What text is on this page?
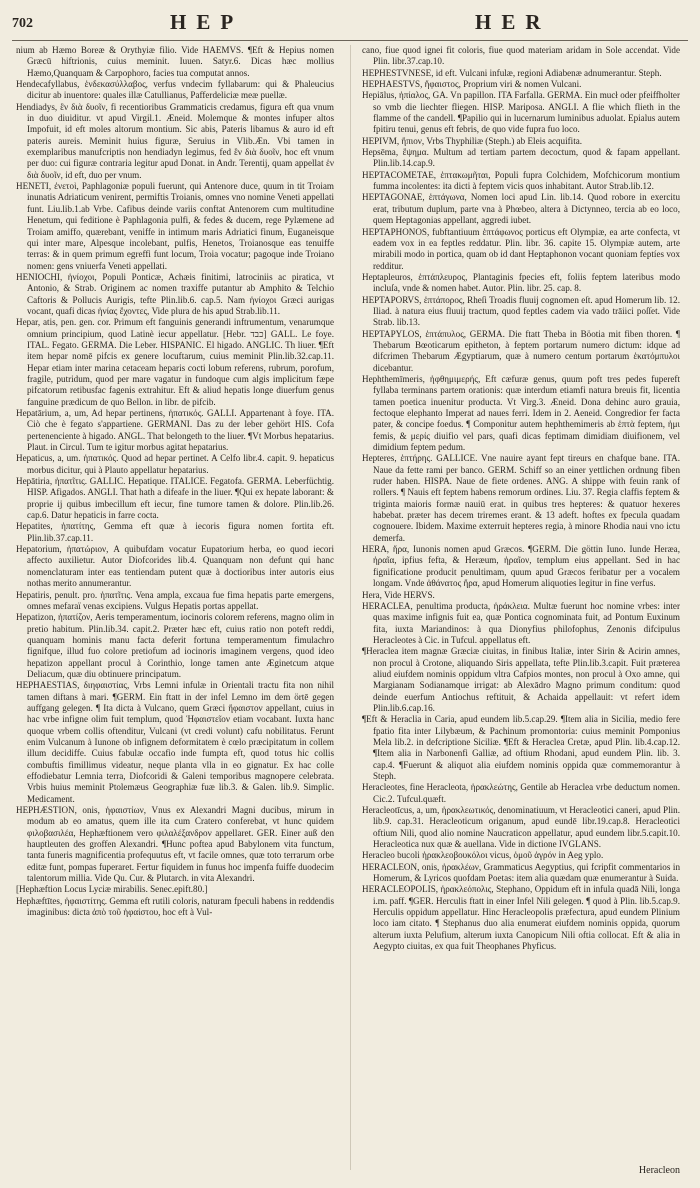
702	HEP	HER

nium ab Hæmo Boreæ & Orythyiæ filio. Vide HAEMVS. ¶Eft & Hepius nomen Græcū hiftrionis, cuius meminit. Iuuen. Satyr.6. Dicas hæc mollius Hæmo,Quanquam & Carpophoro, facies tua computat annos.

Hendecafyllabus, ἑνδεκασύλλαβος, verfus vndecim fyllabarum: qui & Phaleucius dicitur ab inuentore: quales illæ Catullianus, Pafferdeliciæ meæ puellæ.

Hendiadys, ἓν διὰ δυοῖν, fi recentioribus Grammaticis credamus, figura eft qua vnum in duo diuiditur. vt apud Virgil.1. Æneid. Molemque & montes infuper altos Impofuit, id eft moles altorum montium. Sic abis, Pateris libamus & auro id eft pateris aureis. Meminit huius figuræ, Seruius in Vlib.Æn. Vbi tamen in exemplaribus manufcriptis non hendiadyn legimus, fed ἓν διὰ δυοῖν, hoc eft vnum per duo: cui figuræ contraria legitur apud Donat. in Andr. Terentij, quam appellat ἑν διὰ δυοῖν, id eft, duo per vnum.

HENETI, ἐνετοὶ, Paphlagoniæ populi fuerunt, qui Antenore duce, quum in tit Troiam inunatis Adriaticum venirent, permiftis Troianis, omnes vno nomine Veneti appellati funt. Liu.lib.1.ab Vrbe. Cafibus deinde variis conftat Antenorem cum multitudine Henetum, qui feditione è Paphlagonia pulfi, & fedes & ducem, rege Pylæmene ad Troiam amiffo, quærebant, veniffe in intimum maris Adriatici finum, Euganeisque qui inter mare, Alpesque incolebant, pulfis, Henetos, Troianosque eas tenuiffe terras: & in quem primum egreffi funt locum, Troia vocatur; pagoque inde Troiano nomen: gens vniuerfa Veneti appellati.

HENIOCHI, ἡνίοχοι, Populi Ponticæ, Achæis finitimi, latrociniis ac piratica, vt Antonio, & Strab. Originem ac nomen traxiffe putantur ab Amphito & Telchio Caftoris & Pollucis Aurigis, tefte Plin.lib.6. cap.5. Nam ἡνίοχοι Græci aurigas vocant, quafi dicas ἡνίας ἔχοντες, Vide plura de his apud Strab.lib.11.

Hepar, atis, pen. gen. cor. Primum eft fanguinis generandi inftrumentum, venarumque omnium principium, quod Latinè iecur appellatur. [Hebr. כבד] GALL. Le foye. ITAL. Fegato. GERMA. Die Leber. HISPANIC. El higado. ANGLIC. Th liuer. ¶Eft item hepar nomē pifcis ex genere locuftarum, cuius meminit Plin.lib.32.cap.11. Hepar etiam inter marina cetaceam heparis cocti lobum referens, rubrum, porofum, fragile, putridum, quod per mare vagatur in fundoque cum algis implicitum fæpe pifcatorum retibusfac fagenis extrahitur. Eft & aliud hepatis longe diuerfum genus fanguine prædicum de quo Bellon. in libr. de pifcib.

Hepatārium, a, um, Ad hepar pertinens, ἡπατικός. GALLI. Appartenant à foye. ITA. Ciò che è fegato s'appartiene. GERMANI. Das zu der leber gehört HIS. Cofa pertenenciente à higado. ANGL. That belongeth to the liuer. ¶Vt Morbus hepatarius. Plaut. in Circul. Tum te igitur morbus agitat hepatarius.

Hepaticus, a, um. ἡπατικός. Quod ad hepar pertinet. A Celfo libr.4. capit. 9. hepaticus morbus dicitur, qui à Plauto appellatur hepatarius.

Hepātiria, ἡπατῖτις. GALLIC. Hepatique. ITALICE. Fegatofa. GERMA. Leberfüchtig. HISP. Afigados. ANGLI. That hath a difeafe in the liuer. ¶Qui ex hepate laborant: & proprie ij quibus imbecillum eft iecur, fine tumore tamen & dolore. Plin.lib.26. cap.6. Datur hepaticis in farre cocta.

Hepatites, ἡπατίτης, Gemma eft quæ à iecoris figura nomen fortita eft. Plin.lib.37.cap.11.

Hepatorium, ἡπατώριον, A quibufdam vocatur Eupatorium herba, eo quod iecori affecto auxilietur. Autor Diofcorides lib.4. Quanquam non defunt qui hanc nomenclaturam inter eas tentiendam putent quæ à doctioribus inter autoris eius nothas merito annumerantur.

Hepatiris, penult. pro. ἡπατῖτις. Vena ampla, excaua fue fima hepatis parte emergens, omnes mefaraï venas excipiens. Vulgus Hepatis portas appellat.

Hepatizon, ἡπατίζον, Aeris temperamentum, iocinoris colorem referens, magno olim in pretio habitum. Plin.lib.34. capit.2. Præter hæc eft, cuius ratio non poteft reddi, quanquam hominis manu facta deferit fortuna temperamentum fimulachro fignifque, illud fuo colore pretiofum ad iocinoris imaginem vergens, quod ideo hepatizon appellant procul à Corinthio, longe tamen ante Æginetcum atque Deliacum, quæ diu obtinuere principatum.

HEPHAESTIAS, διηφαιστίας, Vrbs Lemni infulæ in Orientali tractu fita non nihil tamen diftans à mari. ¶GERM. Ein ftatt in der infel Lemno im dem örtē gegen auffgang gelegen. ¶ Ita dicta à Vulcano, quem Græci ἥφαιστον appellant, cuius in hac vrbe infigne olim fuit templum, quod Ἡφαιστεῖον etiam vocabant. Iuxta hanc quoque vrbem collis oftenditur, Vulcani (vt credi volunt) cafu nobilitatus. Ferunt enim Vulcanum à Iunone ob infignem deformitatem è cœlo præcipitatum in collem illum decidiffe. Cuius fabulæ occafio inde fumpta eft, quod totus hic collis combuftis fimillimus videatur, neque planta vlla in eo gignatur. Ex hac colle effodiebatur Lemnia terra, Diofcoridi & Galeni temporibus magnopere celebrata. Vrbis huius meminit Ptolemæus Geographiæ fuæ lib.3. & Galen. lib.9. Simplic. Medicament.

HEPHÆSTION, onis, ἡφαιστίων, Vnus ex Alexandri Magni ducibus, mirum in modum ab eo amatus, quem ille ita cum Cratero conferebat, vt hunc quidem φιλοβασιλέα, Hephæftionem vero φιλαλέξανδρον appellaret. GER. Einer auß den hauptleuten des groffen Alexandri. ¶Hunc poftea apud Babylonem vita functum, tanta funeris magnificentia profequutus eft, vt facile omnes, quæ toto terrarum orbe editæ funt, pompas fuperaret. Fertur fiquidem in funus hoc impenfa fuiffe duodecim talentorum millia. Vide Qu. Cur. & Plutarch. in vita Alexandri.

[Hephæftion Locus Lyciæ mirabilis. Senec.epift.80.]

Hephæftītes, ἡφαιστίτης. Gemma eft rutili coloris, naturam fpeculi habens in reddendis imaginibus: dicta ἀπὸ τοῦ ἡφαίστου, hoc eft à Vul-

cano, fiue quod ignei fit coloris, fiue quod materiam aridam in Sole accendat. Vide Plin. libr.37.cap.10.

HEPHESTVNESE, id eft. Vulcani infulæ, regioni Adiabenæ adnumerantur. Steph.

HEPHAESTVS, ἥφαιστος, Proprium viri & nomen Vulcani.

Hepiālus, ἠπίαλος, GA. Vn papillon. ITA Farfalla. GERMA. Ein mucł oder pfeiffholter so vmb die liechter fliegen. HISP. Mariposa. ANGLI. A flie which flieth in the flamme of the candell. ¶Papilio qui in lucernarum luminibus aduolat. Epialus autem fpitiru tenui, genus eft febris, de quo vide fupra fuo loco.

HEPIVM, ἥπιον, Vrbs Thyphiliæ (Steph.) ab Eleis acquifita.

Hepsēma, ἕψημα. Multum ad tertiam partem decoctum, quod & fapam appellant. Plin.lib.14.cap.9.

HEPTACOMETAE, ἑπτακωμῆται, Populi fupra Colchidem, Mofchicorum montium fumma incolentes: ita dicti à feptem vicis quos inhabitant. Autor Strab.lib.12.

HEPTAGONAE, ἑπτάγωνα, Nomen loci apud Lin. lib.14. Quod robore in exercitu erat, tributum duplum, parte vna à Phœbeo, altera à Dictynneo, tercia ab eo loco, quem Heptagonias appellant, aggredi iubet.

HEPTAPHONOS, fubftantiuum ἑπτάφωνος porticus eft Olympiæ, ea arte confecta, vt eadem vox in ea feptles reddatur. Plin. libr. 36. capite 15. Olympiæ autem, arte mirabili modo in portica, quam ob id dant Heptaphonon vocant quoniam feptíes vox redditur.

Heptapleuros, ἑπτάπλευρος, Plantaginis fpecies eft, foliis feptem lateribus modo incluſa, vnde & nomen habet. Autor. Plin. libr. 25. cap. 8.

HEPTAPORVS, ἑπτάπορος, Rheſi Troadis fluuij cognomen eſt. apud Homerum lib. 12. Iliad. à natura eius fluuij tractum, quod feptles cadem via vado trāiici poſſet. Vide Strab. lib.13.

HEPTAPYLOS, ἑπτάπυλος, GERMA. Die ftatt Theba in Böotia mit fiben thoren. ¶ Thebarum Bœoticarum epitheton, à feptem portarum numero dictum: idque ad difcrimen Thebarum Ægyptiarum, quæ à numero centum portarum ἑκατόμπυλοι dicebantur.

Hephthemīmeris, ἡφθημιμερής, Eft cæfuræ genus, quum poft tres pedes fupereft fyllaba terminans partem orationis: quæ interdum etiamfi natura breuis fit, licentia tamen poetica inuenitur producta. Vt Virg.3. Æneid. Dona dehinc auro grauia, fectoque elephanto Imperat ad naues ferri. Idem in 2. Aeneid. Congredior fer facta pater, & concipe foedus. ¶ Componitur autem hephthemimeris ab ἑπτὰ feptem, ἡμι femis, & μερίς diuifio vel pars, quafi dicas feptimam dimidiam diuifionem, vel dimidium feptem pedum.

Hepteres, ἑπτήρης. GALLICE. Vne nauire ayant fept tireurs en chafque bane. ITA. Naue da fette rami per banco. GERM. Schiff so an einer yettlichen ordnung fiben ruder haben. HISPA. Naue de fiete ordenes. ANG. A shippe with feuin rank of rollers. ¶ Nauis eft feptem habens remorum ordines. Liu. 37. Regia claffis feptem & triginta maioris formæ nauiū erat. in quibus tres hepteres: & quatuor hexeres habebat. præter has decem triremes erant. & 13 adeft. hoftes ex fpecula quadam cognouere. Ibidem. Maxime exterruit hepteres regia, à minore Rhodia naui vno ictu demerfa.

HERA, ἥρα, Iunonis nomen apud Græcos. ¶GERM. Die göttin Iuno. Iunde Heræa, ἡραῖα, ipfius fefta, & Heræum, ἡραῖον, templum eius appellant. Sed in hac fignificatione producit penultimam, quum apud Græcos feribatur per a vocalem longam. Vnde ἀθάνατος ἥρα, apud Homerum aliquoties legitur in fine verfus.

Hera, Vide HERVS.

HERACLEA, penultima producta, ἡράκλεια. Multæ fuerunt hoc nomine vrbes: inter quas maxime infignis fuit ea, quæ Pontica cognominata fuit, ad Pontum Euxinum fita, iuxta Mariandinos: à qua Dionyfius philofophus, Zenonis difcipulus Heracleotes à Cic. in Tufcul. appellatus eft.

¶Heraclea item magnæ Græciæ ciuitas, in finibus Italiæ, inter Sirin & Acirin amnes, non procul à Crotone, aliquando Siris appellata, tefte Plin.lib.3.capit. Fuit præterea aliud eiufdem nominis oppidum vltra Cafpios montes, non procul à Oxo amne, qui Margianam Sodianamque irrigat: ab Alexādro Magno primum conditum: quod deinde euerfum Antiochus reftituit, & Achaida appellauit: vt refert idem Plin.lib.6.cap.16.

¶Eft & Heraclia in Caria, apud eundem lib.5.cap.29. ¶Item alia in Sicilia, medio fere fpatio fita inter Lilybæum, & Pachinum promontoria: cuius meminit Pomponius Mela lib.2. in defcriptione Siciliæ. ¶Eft & Heraclea Cretæ, apud Plin. lib.4.cap.12. ¶Item alia in Narbonenfi Galliæ, ad oftium Rhodani, apud eundem Plin. lib. 3. cap.4. ¶Fuerunt & aliquot alia eiufdem nominis oppida quæ commemorantur à Steph.

Heracleotes, fine Heracleota, ἡρακλεώτης, Gentile ab Heraclea vrbe deductum nomen. Cic.2. Tufcul.quæft.

Heracleotīcus, a, um, ἡρακλεωτικός, denominatiuum, vt Heracleotici caneri, apud Plin. lib.9. cap.31. Heracleoticum origanum, apud eundē libr.19.cap.8. Heracleotici oftium Nili, quod alio nomine Naucraticon appellatur, apud eundem libr.5.capit.10. Heracleotica nux quæ & auellana. Vide in dictione IVGLANS.

Heracleo bucoli ἡρακλεοβουκόλοι vicus, ὁμοῦ ἀγρόν in Aeg yplo.

HERACLEON, onis, ἡρακλέων, Grammaticus Aegyptius, qui fcripfit commentarios in Homerum, & Lyricos quofdam Poetas: item alia quædam quæ enumerantur à Suida.

HERACLEOPOLIS, ἡρακλεόπολις, Stephano, Oppidum eft in infula quadā Nili, longa i.m. paff. ¶GER. Herculis ftatt in einer Infel Nili gelegen. ¶ quod à Plin. lib.5.cap.9. Herculis oppidum appellatur. Hinc Heracleopolis præfectura, apud eundem Plinium loco iam citato. ¶ Stephanus duo alia enumerat eiufdem nominis oppida, quorum alterum iuxta Pelufium, alterum iuxta Canopicum Nili oftia collocat. Eft & alia in Aegypto ciuitas, ex qua fuit Theophanes Phyficus.

Heracleon
